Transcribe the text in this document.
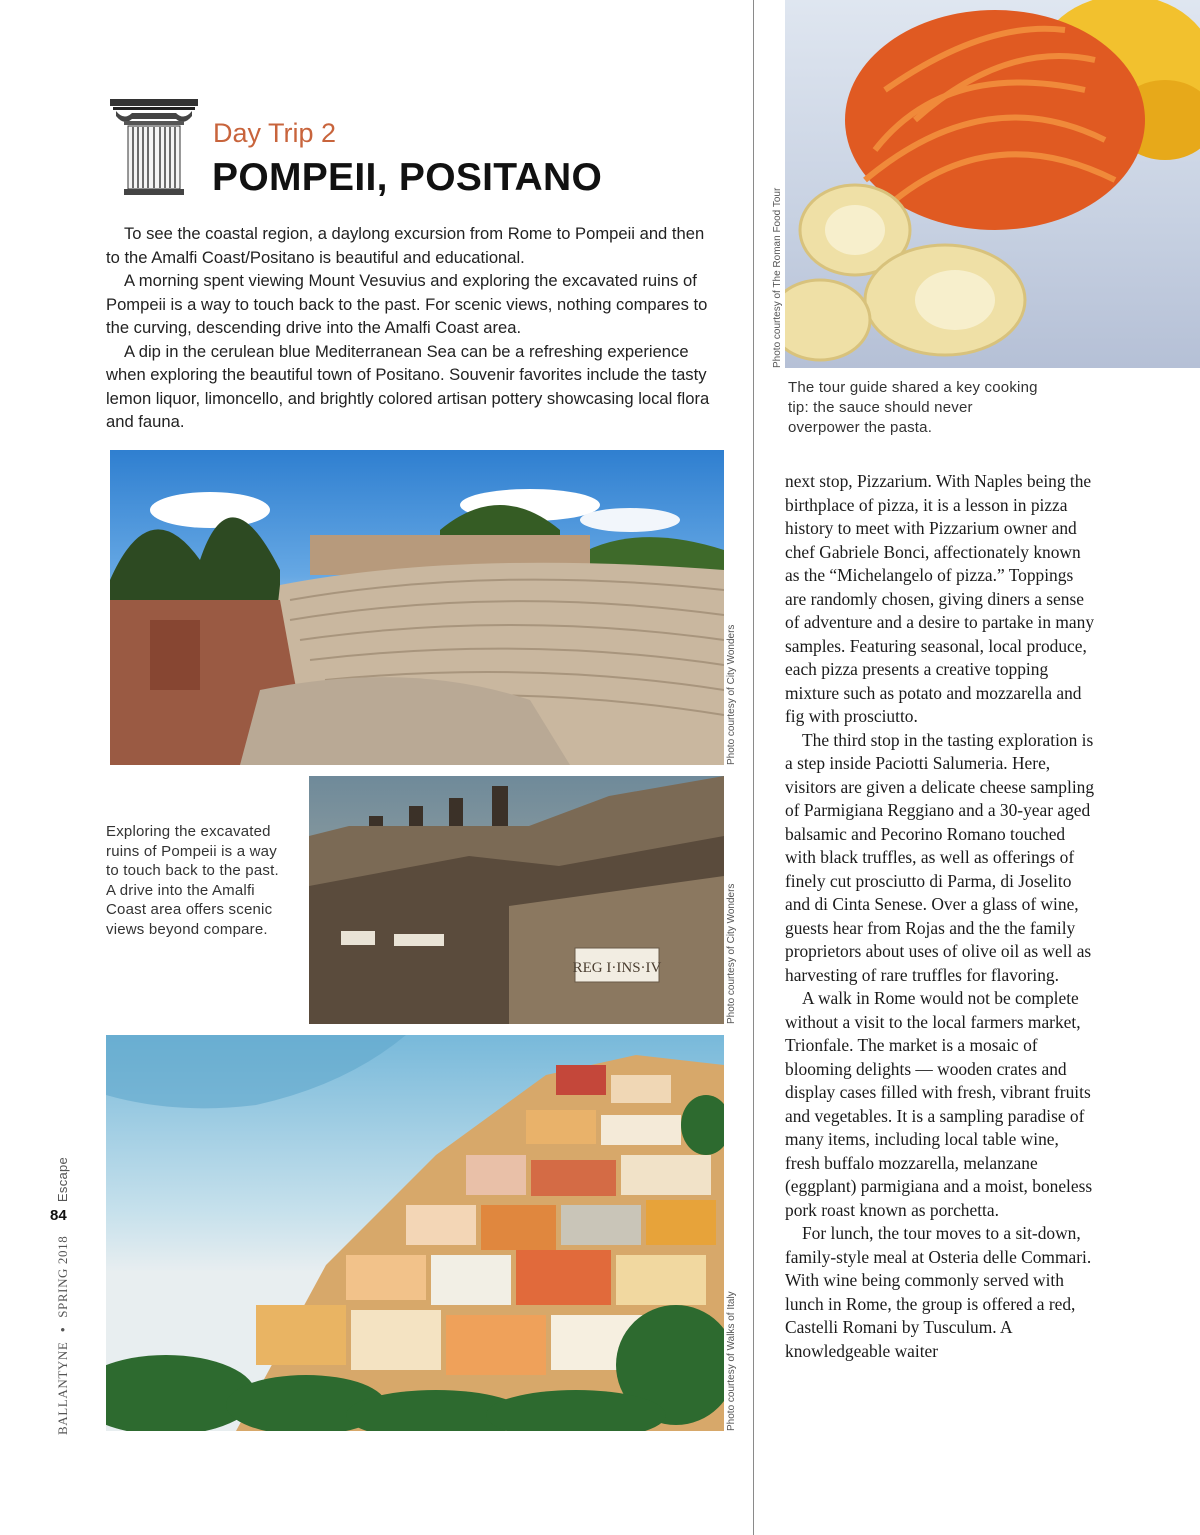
Day Trip 2
POMPEII, POSITANO

To see the coastal region, a daylong excursion from Rome to Pompeii and then to the Amalfi Coast/Positano is beautiful and educational.

A morning spent viewing Mount Vesuvius and exploring the excavated ruins of Pompeii is a way to touch back to the past. For scenic views, nothing compares to the curving, descending drive into the Amalfi Coast area.

A dip in the cerulean blue Mediterranean Sea can be a refreshing experience when exploring the beautiful town of Positano. Souvenir favorites include the tasty lemon liquor, limoncello, and brightly colored artisan pottery showcasing local flora and fauna.

Photo courtesy of The Roman Food Tour
The tour guide shared a key cooking tip: the sauce should never overpower the pasta.
Photo courtesy of City Wonders
REG I·INS·IV	Photo courtesy of City Wonders
Exploring the excavated ruins of Pompeii is a way to touch back to the past. A drive into the Amalfi Coast area offers scenic views beyond compare.
Photo courtesy of Walks of Italy

next stop, Pizzarium. With Naples being the birthplace of pizza, it is a lesson in pizza history to meet with Pizzarium owner and chef Gabriele Bonci, affectionately known as the “Michelangelo of pizza.” Toppings are randomly chosen, giving diners a sense of adventure and a desire to partake in many samples. Featuring seasonal, local produce, each pizza presents a creative topping mixture such as potato and mozzarella and fig with prosciutto.

The third stop in the tasting exploration is a step inside Paciotti Salumeria. Here, visitors are given a delicate cheese sampling of Parmigiana Reggiano and a 30-year aged balsamic and Pecorino Romano touched with black truffles, as well as offerings of finely cut prosciutto di Parma, di Joselito and di Cinta Senese. Over a glass of wine, guests hear from Rojas and the the family proprietors about uses of olive oil as well as harvesting of rare truffles for flavoring.

A walk in Rome would not be complete without a visit to the local farmers market, Trionfale. The market is a mosaic of blooming delights — wooden crates and display cases filled with fresh, vibrant fruits and vegetables. It is a sampling paradise of many items, including local table wine, fresh buffalo mozzarella, melanzane (eggplant) parmigiana and a moist, boneless pork roast known as porchetta.

For lunch, the tour moves to a sit-down, family-style meal at Osteria delle Commari. With wine being commonly served with lunch in Rome, the group is offered a red, Castelli Romani by Tusculum. A knowledgeable waiter

BALLANTYNE • SPRING 2018 Escape
84
